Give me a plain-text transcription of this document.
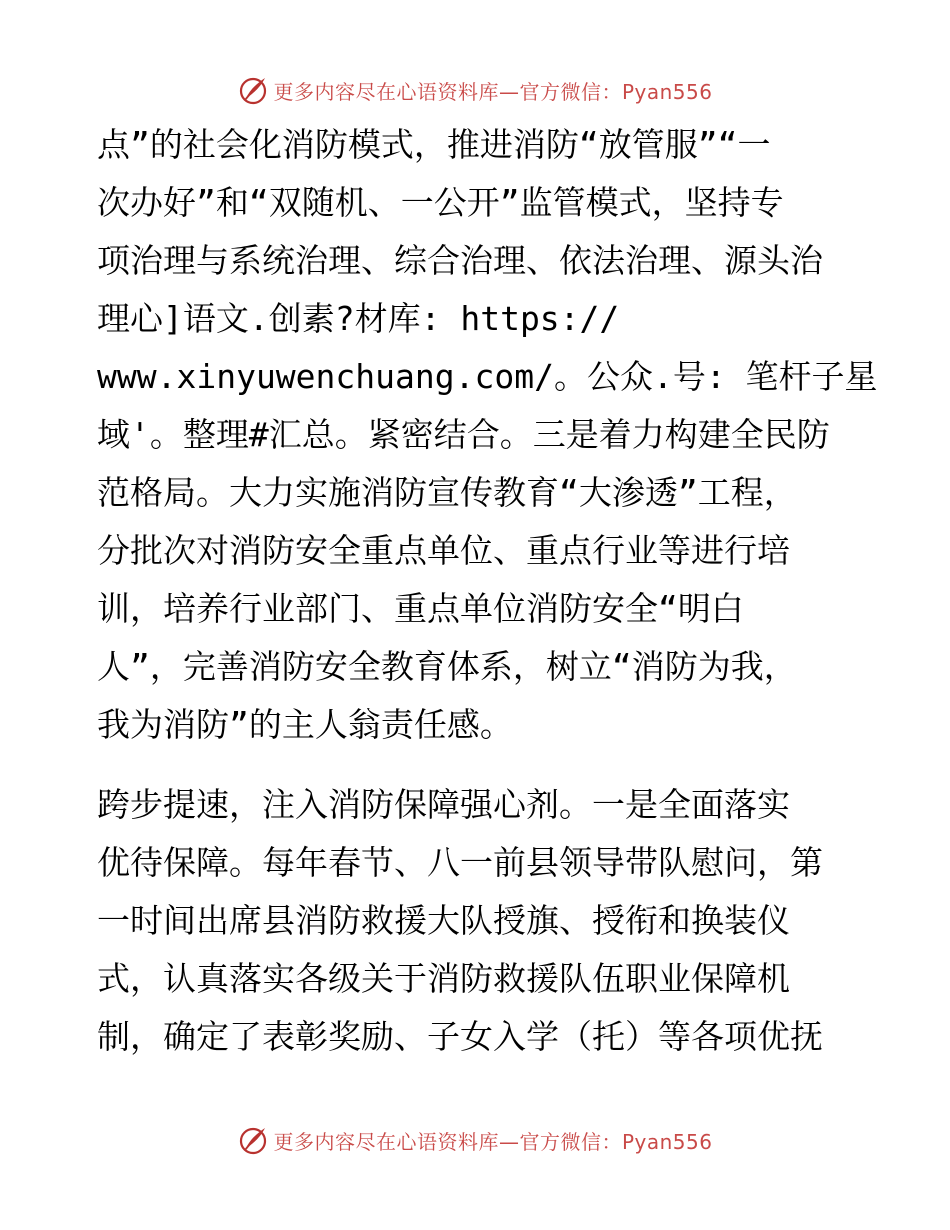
更多内容尽在心语资料库—官方微信：Pyan556
点”的社会化消防模式，推进消防“放管服”“一
次办好”和“双随机、一公开”监管模式，坚持专
项治理与系统治理、综合治理、依法治理、源头治
理心]语文.创素?材库: https://
www.xinyuwenchuang.com/。公众.号: 笔杆子星
域'。整理#汇总。紧密结合。三是着力构建全民防
范格局。大力实施消防宣传教育“大渗透”工程，
分批次对消防安全重点单位、重点行业等进行培
训，培养行业部门、重点单位消防安全“明白
人”，完善消防安全教育体系，树立“消防为我，
我为消防”的主人翁责任感。
跨步提速，注入消防保障强心剂。一是全面落实
优待保障。每年春节、八一前县领导带队慰问，第
一时间出席县消防救援大队授旗、授衔和换装仪
式，认真落实各级关于消防救援队伍职业保障机
制，确定了表彰奖励、子女入学（托）等各项优抚
更多内容尽在心语资料库—官方微信：Pyan556
